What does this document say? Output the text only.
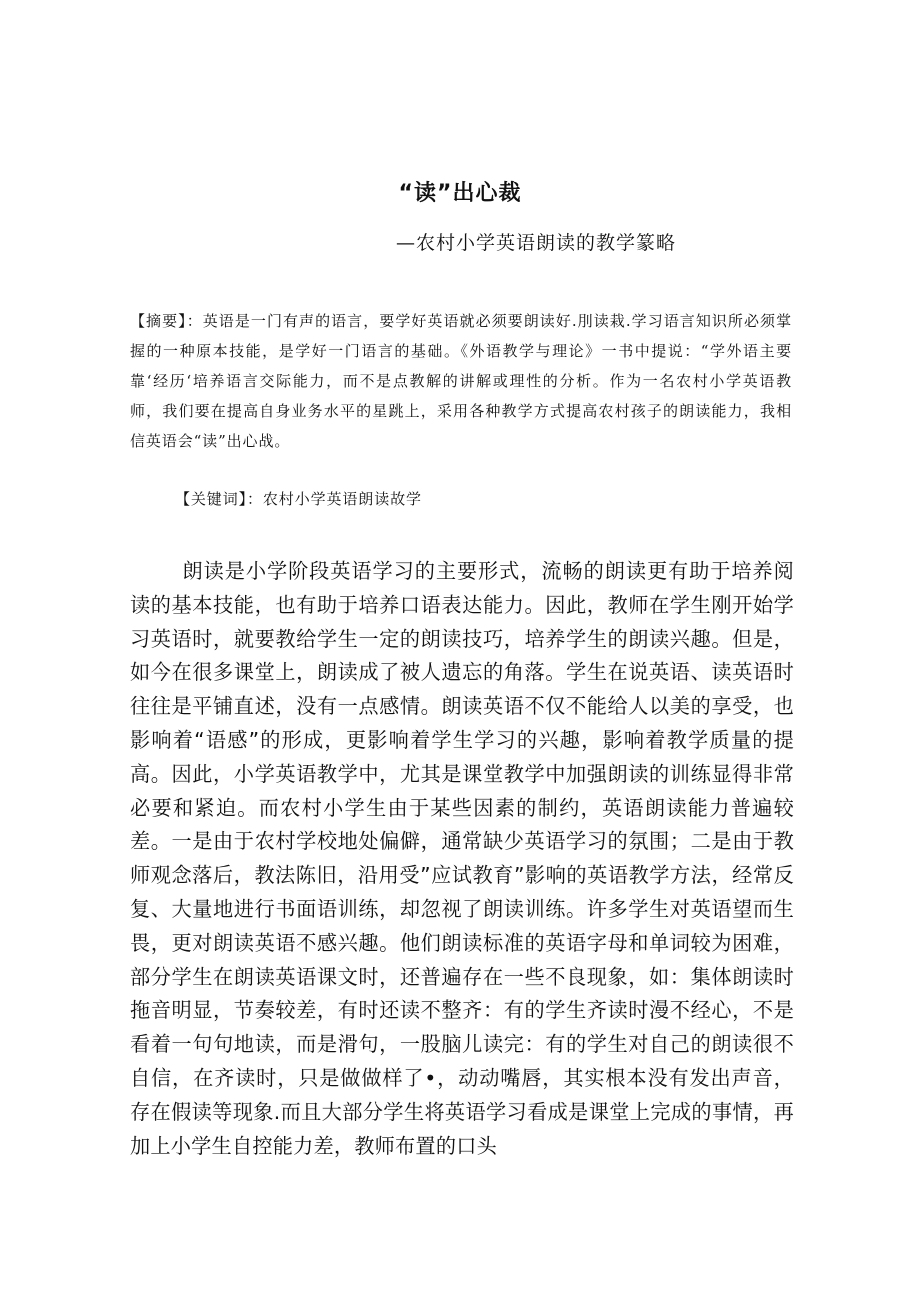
“读”出心裁

—农村小学英语朗读的教学篆略

【摘要】：英语是一门有声的语言，要学好英语就必须要朗读好.刖读栽.学习语言知识所必须掌握的一种原本技能，是学好一门语言的基础。《外语教学与理论》一书中提说：“学外语主要靠‘经历‘培养语言交际能力，而不是点教解的讲解或理性的分析。作为一名农村小学英语教师，我们要在提高自身业务水平的星跳上，采用各种教学方式提高农村孩子的朗读能力，我相信英语会“读”出心战。

【关键词】：农村小学英语朗读故学

朗读是小学阶段英语学习的主要形式，流畅的朗读更有助于培养阅读的基本技能，也有助于培养口语表达能力。因此，教师在学生刚开始学习英语时，就要教给学生一定的朗读技巧，培养学生的朗读兴趣。但是，如今在很多课堂上，朗读成了被人遗忘的角落。学生在说英语、读英语时往往是平铺直述，没有一点感情。朗读英语不仅不能给人以美的享受，也影响着“语感”的形成，更影响着学生学习的兴趣，影响着教学质量的提高。因此，小学英语教学中，尤其是课堂教学中加强朗读的训练显得非常必要和紧迫。而农村小学生由于某些因素的制约，英语朗读能力普遍较差。一是由于农村学校地处偏僻，通常缺少英语学习的氛围；二是由于教师观念落后，教法陈旧，沿用受”应试教育”影响的英语教学方法，经常反复、大量地进行书面语训练，却忽视了朗读训练。许多学生对英语望而生畏，更对朗读英语不感兴趣。他们朗读标准的英语字母和单词较为困难，部分学生在朗读英语课文时，还普遍存在一些不良现象，如：集体朗读时拖音明显，节奏较差，有时还读不整齐：有的学生齐读时漫不经心，不是看着一句句地读，而是滑句，一股脑儿读完：有的学生对自己的朗读很不自信，在齐读时，只是做做样了•，动动嘴唇，其实根本没有发出声音，存在假读等现象.而且大部分学生将英语学习看成是课堂上完成的事情，再加上小学生自控能力差，教师布置的口头
